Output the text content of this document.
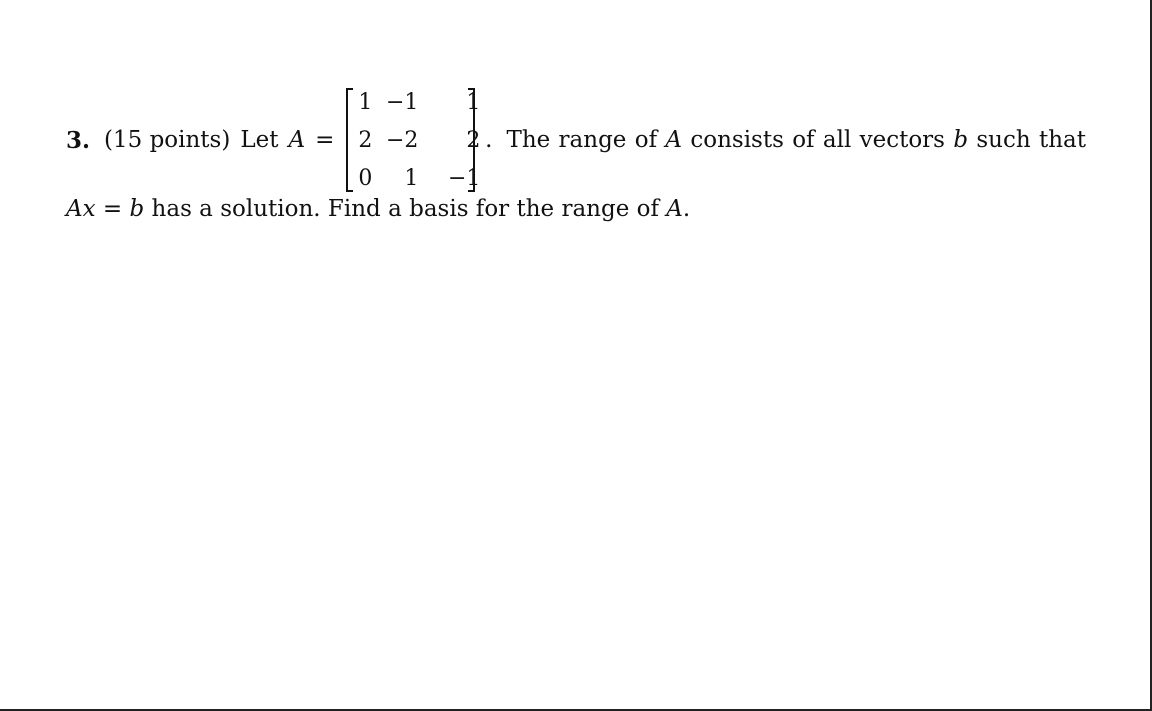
3. (15 points) Let A =
1 −1	1
2 −2	2
0	1	−1
. The range of A consists of all vectors b such that
Ax = b has a solution. Find a basis for the range of A.
